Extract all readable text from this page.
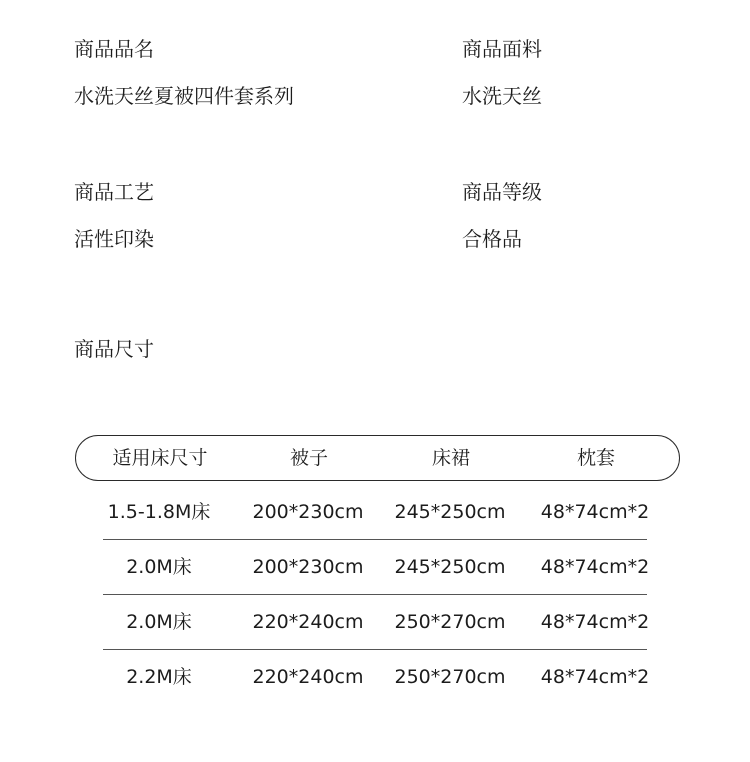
商品品名
水洗天丝夏被四件套系列
商品面料
水洗天丝
商品工艺
活性印染
商品等级
合格品
商品尺寸
适用床尺寸	被子	床裙	枕套
1.5-1.8M床	200*230cm	245*250cm	48*74cm*2
2.0M床	200*230cm	245*250cm	48*74cm*2
2.0M床	220*240cm	250*270cm	48*74cm*2
2.2M床	220*240cm	250*270cm	48*74cm*2
